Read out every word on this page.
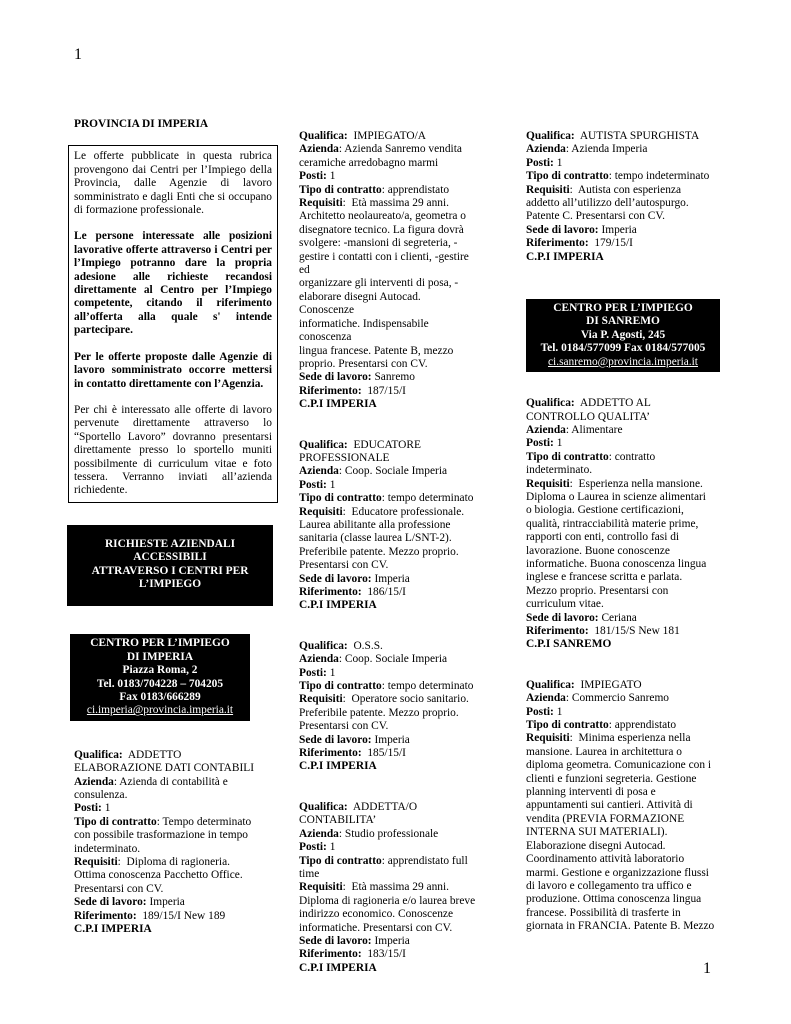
1
1
PROVINCIA DI IMPERIA

Le offerte pubblicate in questa rubrica provengono dai Centri per l’Impiego della Provincia, dalle Agenzie di lavoro somministrato e dagli Enti che si occupano di formazione professionale.

Le persone interessate alle posizioni lavorative offerte attraverso i Centri per l’Impiego potranno dare la propria adesione alle richieste recandosi direttamente al Centro per l’Impiego competente, citando il riferimento all’offerta alla quale s' intende partecipare.

Per le offerte proposte dalle Agenzie di lavoro somministrato occorre mettersi in contatto direttamente con l’Agenzia.

Per chi è interessato alle offerte di lavoro pervenute direttamente attraverso lo “Sportello Lavoro” dovranno presentarsi direttamente presso lo sportello muniti possibilmente di curriculum vitae e foto tessera. Verranno inviati all’azienda richiedente.

RICHIESTE AZIENDALI
ACCESSIBILI
ATTRAVERSO I CENTRI PER
L’IMPIEGO
CENTRO PER L’IMPIEGO
DI IMPERIA
Piazza Roma, 2
Tel. 0183/704228 – 704205
Fax 0183/666289
ci.imperia@provincia.imperia.it
Qualifica: ADDETTO
ELABORAZIONE DATI CONTABILI
Azienda: Azienda di contabilità e
consulenza.
Posti: 1
Tipo di contratto: Tempo determinato
con possibile trasformazione in tempo
indeterminato.
Requisiti:  Diploma di ragioneria.
Ottima conoscenza Pacchetto Office.
Presentarsi con CV.
Sede di lavoro: Imperia
Riferimento: 189/15/I New 189
C.P.I IMPERIA
Qualifica: IMPIEGATO/A
Azienda: Azienda Sanremo vendita
ceramiche arredobagno marmi
Posti: 1
Tipo di contratto: apprendistato
Requisiti:  Età massima 29 anni.
Architetto neolaureato/a, geometra o
disegnatore tecnico. La figura dovrà
svolgere: -mansioni di segreteria, -
gestire i contatti con i clienti, -gestire ed
organizzare gli interventi di posa, -
elaborare disegni Autocad. Conoscenze
informatiche. Indispensabile conoscenza
lingua francese. Patente B, mezzo
proprio. Presentarsi con CV.
Sede di lavoro: Sanremo
Riferimento: 187/15/I
C.P.I IMPERIA
Qualifica: EDUCATORE
PROFESSIONALE
Azienda: Coop. Sociale Imperia
Posti: 1
Tipo di contratto: tempo determinato
Requisiti:  Educatore professionale.
Laurea abilitante alla professione
sanitaria (classe laurea L/SNT-2).
Preferibile patente. Mezzo proprio.
Presentarsi con CV.
Sede di lavoro: Imperia
Riferimento: 186/15/I
C.P.I IMPERIA
Qualifica: O.S.S.
Azienda: Coop. Sociale Imperia
Posti: 1
Tipo di contratto: tempo determinato
Requisiti:  Operatore socio sanitario.
Preferibile patente. Mezzo proprio.
Presentarsi con CV.
Sede di lavoro: Imperia
Riferimento: 185/15/I
C.P.I IMPERIA
Qualifica: ADDETTA/O
CONTABILITA’
Azienda: Studio professionale
Posti: 1
Tipo di contratto: apprendistato full
time
Requisiti:  Età massima 29 anni.
Diploma di ragioneria e/o laurea breve
indirizzo economico. Conoscenze
informatiche. Presentarsi con CV.
Sede di lavoro: Imperia
Riferimento: 183/15/I
C.P.I IMPERIA
Qualifica: AUTISTA SPURGHISTA
Azienda: Azienda Imperia
Posti: 1
Tipo di contratto: tempo indeterminato
Requisiti:  Autista con esperienza
addetto all’utilizzo dell’autospurgo.
Patente C. Presentarsi con CV.
Sede di lavoro: Imperia
Riferimento: 179/15/I
C.P.I IMPERIA
CENTRO PER L’IMPIEGO
DI SANREMO
Via P. Agosti, 245
Tel. 0184/577099 Fax 0184/577005
ci.sanremo@provincia.imperia.it
Qualifica: ADDETTO AL
CONTROLLO QUALITA’
Azienda: Alimentare
Posti: 1
Tipo di contratto: contratto
indeterminato.
Requisiti:  Esperienza nella mansione.
Diploma o Laurea in scienze alimentari
o biologia. Gestione certificazioni,
qualità, rintracciabilità materie prime,
rapporti con enti, controllo fasi di
lavorazione. Buone conoscenze
informatiche. Buona conoscenza lingua
inglese e francese scritta e parlata.
Mezzo proprio. Presentarsi con
curriculum vitae.
Sede di lavoro: Ceriana
Riferimento: 181/15/S New 181
C.P.I SANREMO
Qualifica: IMPIEGATO
Azienda: Commercio Sanremo
Posti: 1
Tipo di contratto: apprendistato
Requisiti:  Minima esperienza nella
mansione. Laurea in architettura o
diploma geometra. Comunicazione con i
clienti e funzioni segreteria. Gestione
planning interventi di posa e
appuntamenti sui cantieri. Attività di
vendita (PREVIA FORMAZIONE
INTERNA SUI MATERIALI).
Elaborazione disegni Autocad.
Coordinamento attività laboratorio
marmi. Gestione e organizzazione flussi
di lavoro e collegamento tra uffico e
produzione. Ottima conoscenza lingua
francese. Possibilità di trasferte in
giornata in FRANCIA. Patente B. Mezzo
